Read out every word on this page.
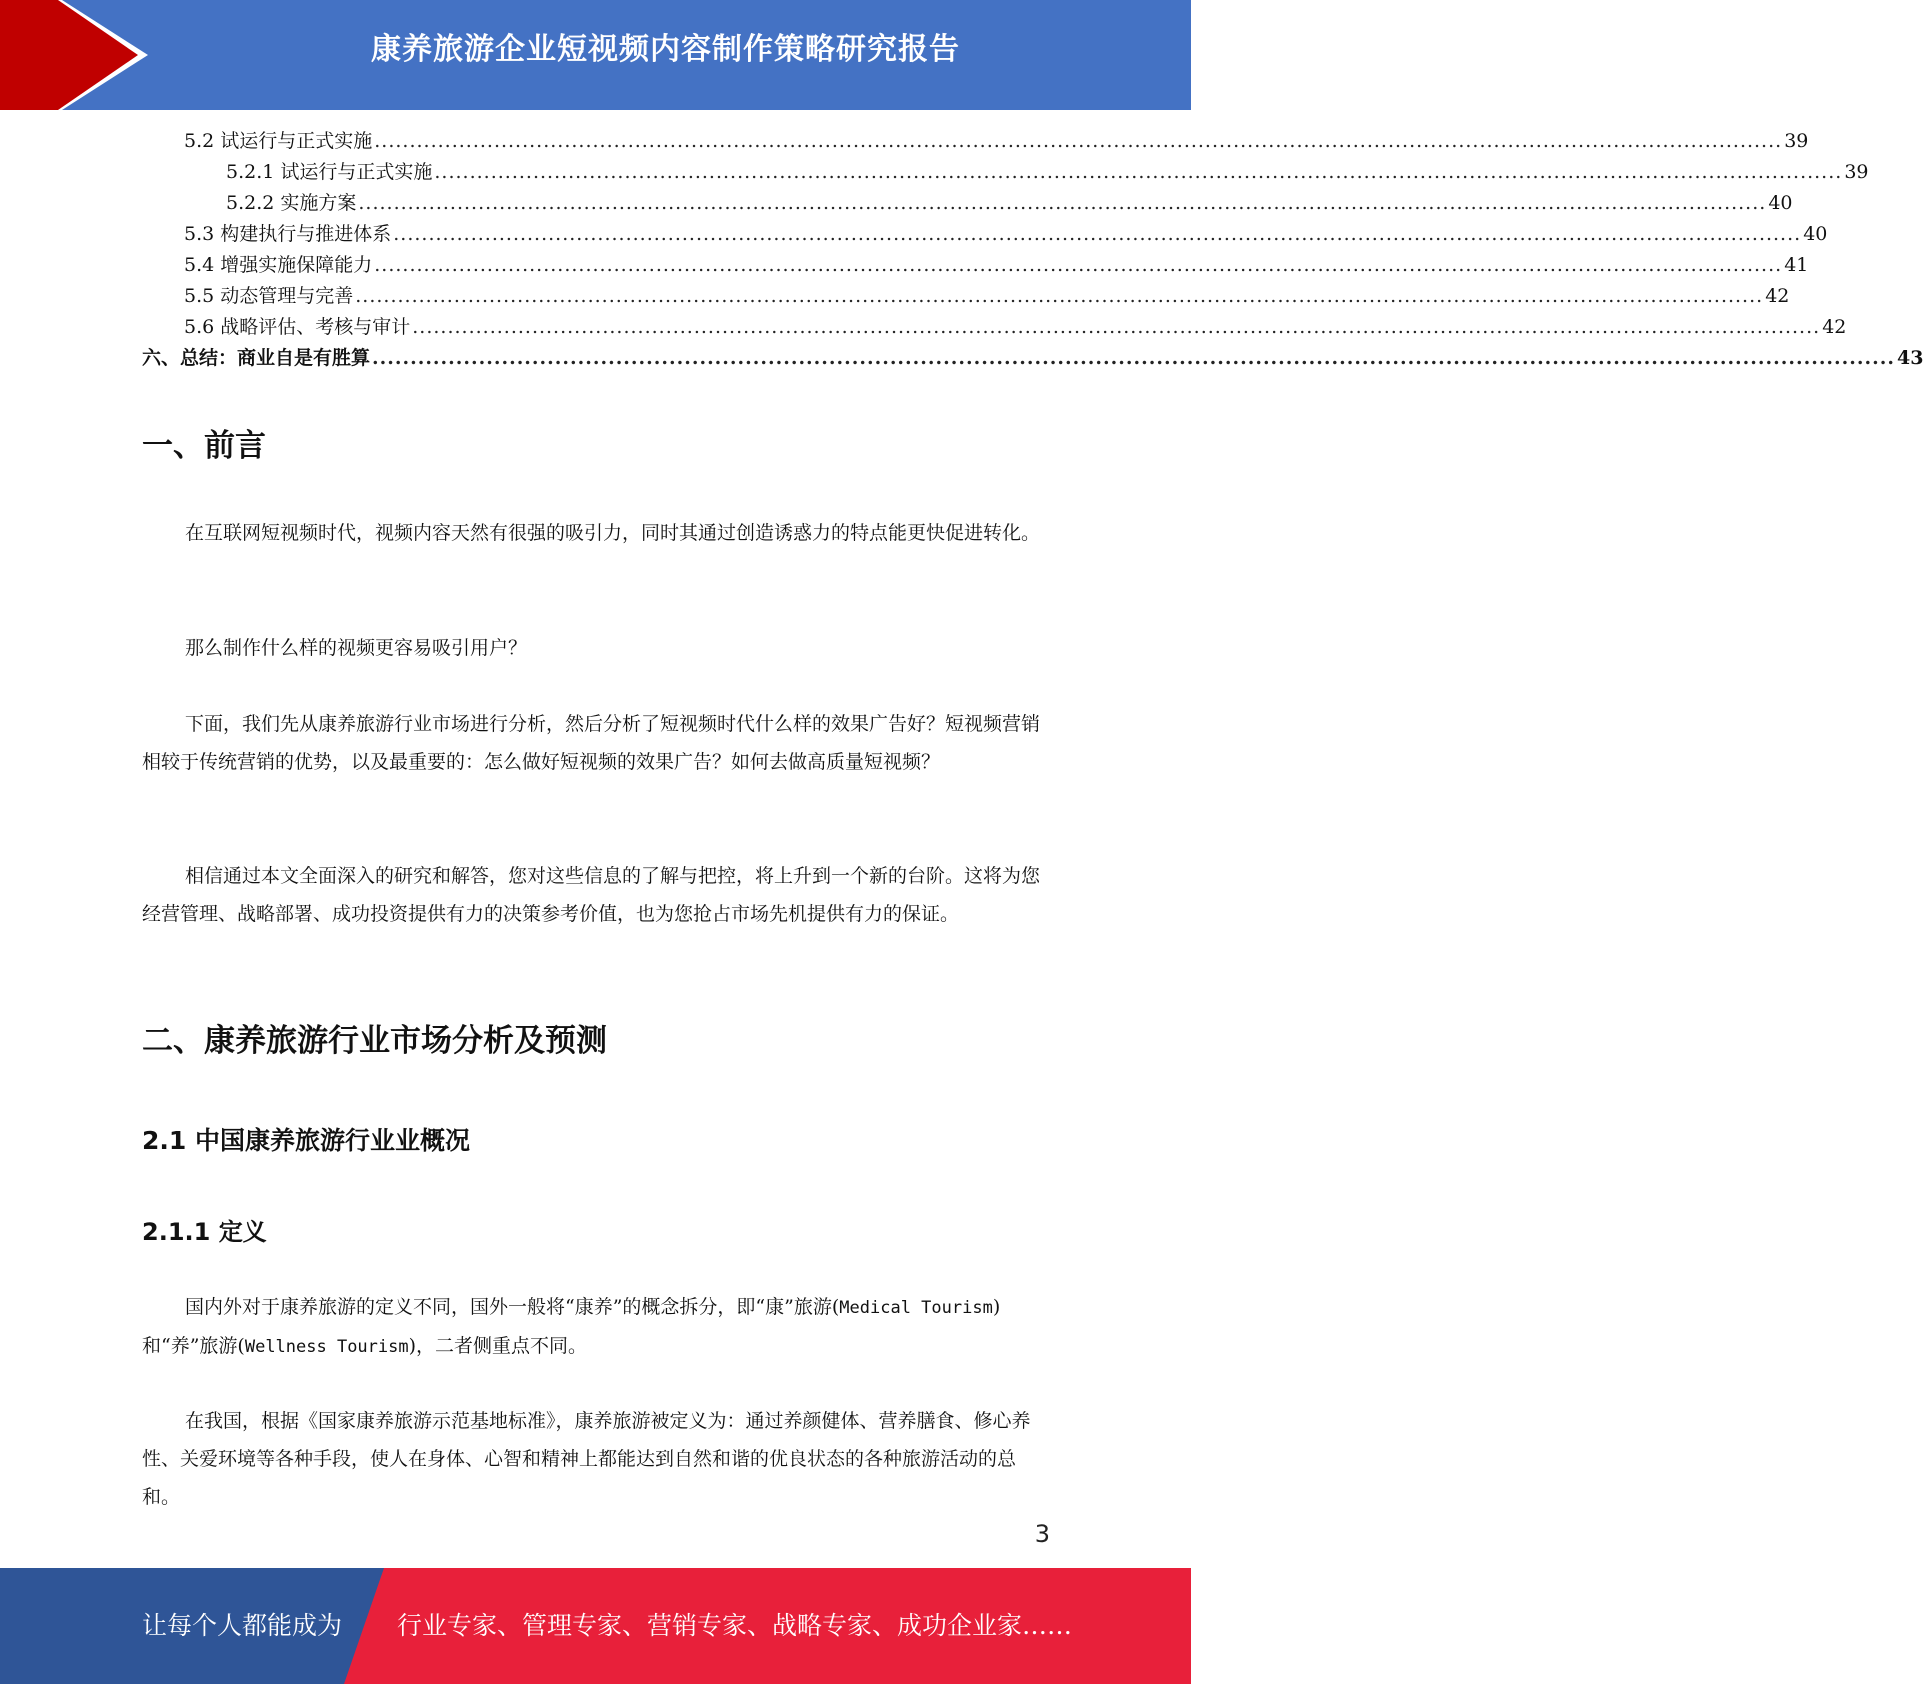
康养旅游企业短视频内容制作策略研究报告
5.2 试运行与正式实施 ........................................................................................................................................................................................................ 39
5.2.1 试运行与正式实施 ........................................................................................................................................................................................................ 39
5.2.2 实施方案 ........................................................................................................................................................................................................ 40
5.3 构建执行与推进体系 ........................................................................................................................................................................................................ 40
5.4 增强实施保障能力 ........................................................................................................................................................................................................ 41
5.5 动态管理与完善 ........................................................................................................................................................................................................ 42
5.6 战略评估、考核与审计 ........................................................................................................................................................................................................ 42
六、总结：商业自是有胜算 ........................................................................................................................................................................................................ 43
一、前言

在互联网短视频时代，视频内容天然有很强的吸引力，同时其通过创造诱惑力的特点能更快促进转化。

那么制作什么样的视频更容易吸引用户？

下面，我们先从康养旅游行业市场进行分析，然后分析了短视频时代什么样的效果广告好？短视频营销相较于传统营销的优势，以及最重要的：怎么做好短视频的效果广告？如何去做高质量短视频？

相信通过本文全面深入的研究和解答，您对这些信息的了解与把控，将上升到一个新的台阶。这将为您经营管理、战略部署、成功投资提供有力的决策参考价值，也为您抢占市场先机提供有力的保证。

二、康养旅游行业市场分析及预测
2.1 中国康养旅游行业业概况
2.1.1 定义

国内外对于康养旅游的定义不同，国外一般将“康养”的概念拆分，即“康”旅游(Medical Tourism)和“养”旅游(Wellness Tourism)，二者侧重点不同。

在我国，根据《国家康养旅游示范基地标准》，康养旅游被定义为：通过养颜健体、营养膳食、修心养性、关爱环境等各种手段，使人在身体、心智和精神上都能达到自然和谐的优良状态的各种旅游活动的总和。

3
让每个人都能成为 行业专家、管理专家、营销专家、战略专家、成功企业家……
